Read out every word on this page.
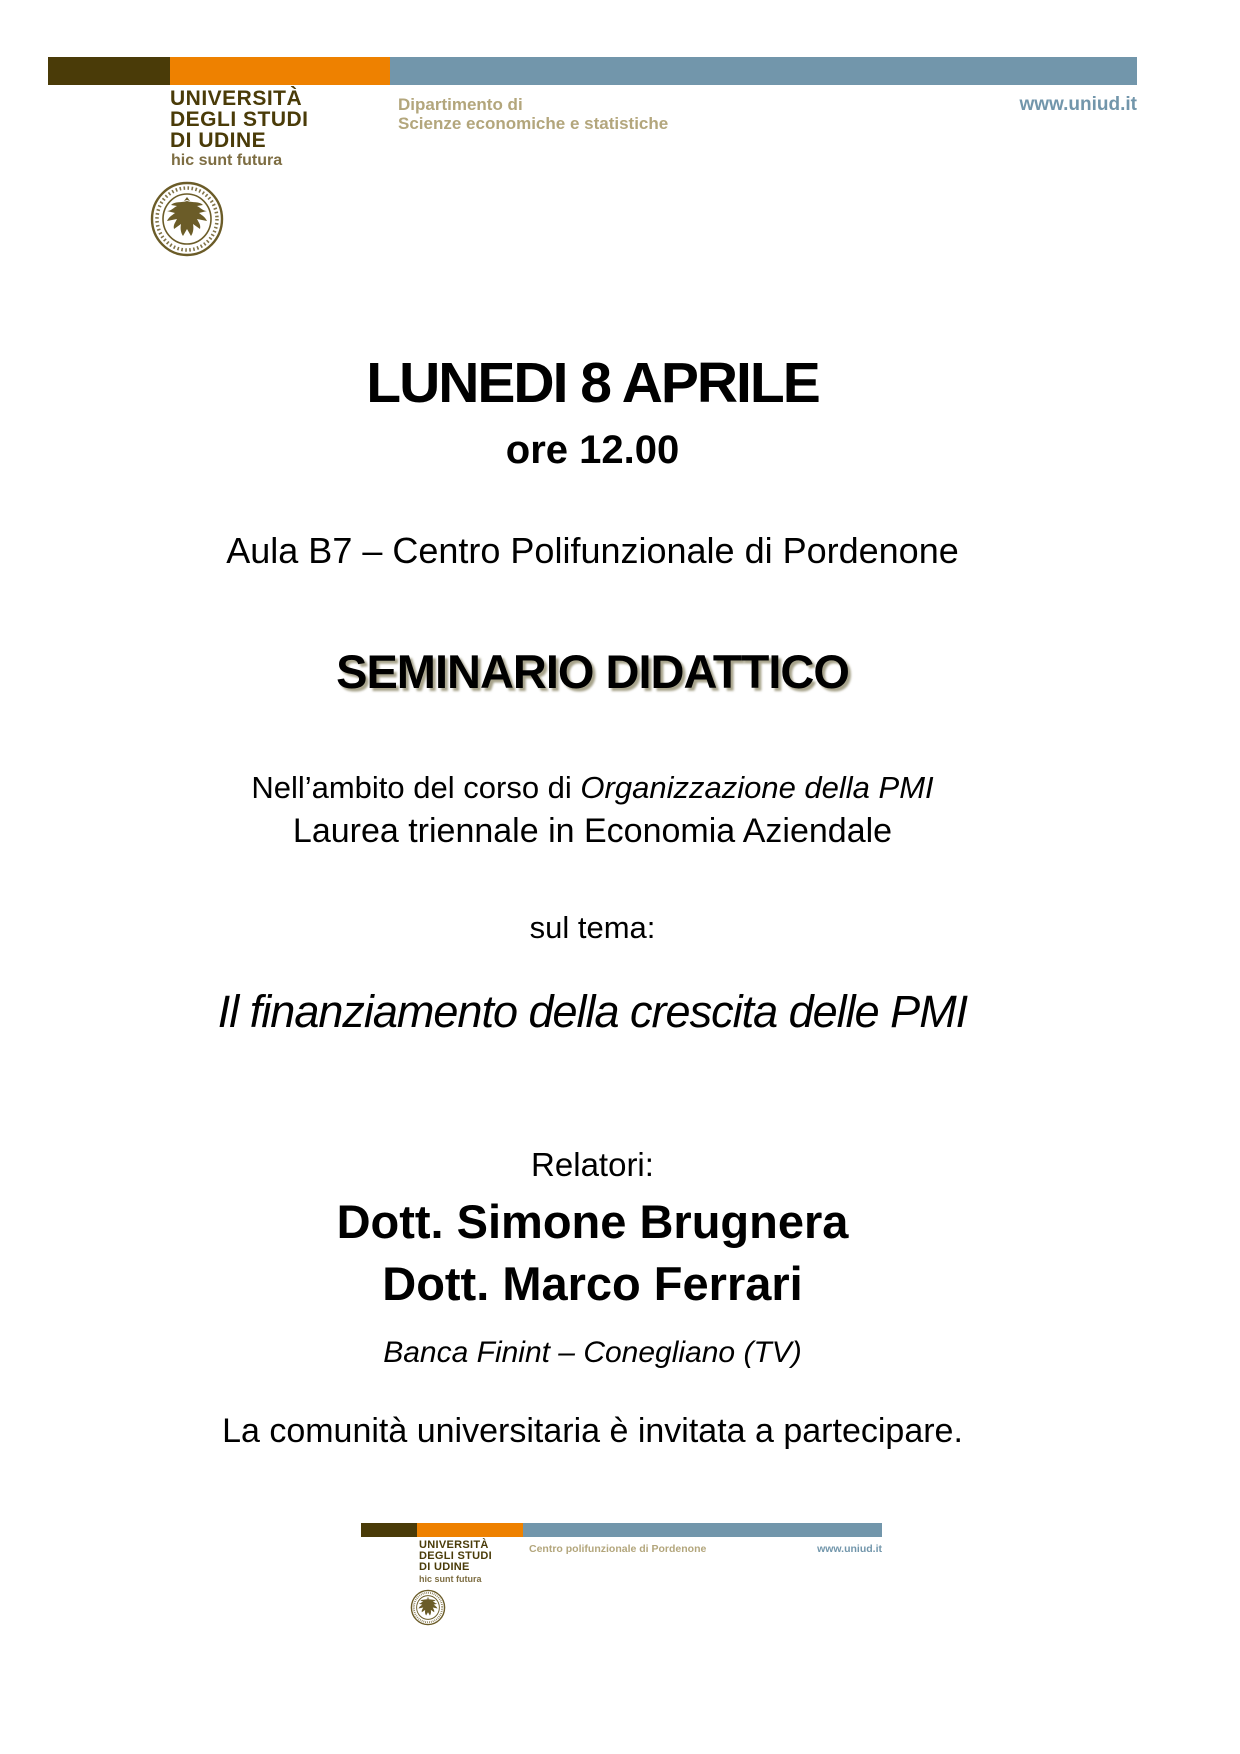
UNIVERSITÀ
DEGLI STUDI
DI UDINE
hic sunt futura
Dipartimento di
Scienze economiche e statistiche
www.uniud.it
LUNEDI 8 APRILE
ore 12.00
Aula B7 – Centro Polifunzionale di Pordenone
SEMINARIO DIDATTICO
Nell’ambito del corso di Organizzazione della PMI
Laurea triennale in Economia Aziendale
sul tema:
Il finanziamento della crescita delle PMI
Relatori:
Dott. Simone Brugnera
Dott. Marco Ferrari
Banca Finint – Conegliano (TV)
La comunità universitaria è invitata a partecipare.
UNIVERSITÀ
DEGLI STUDI
DI UDINE
hic sunt futura
Centro polifunzionale di Pordenone	www.uniud.it
